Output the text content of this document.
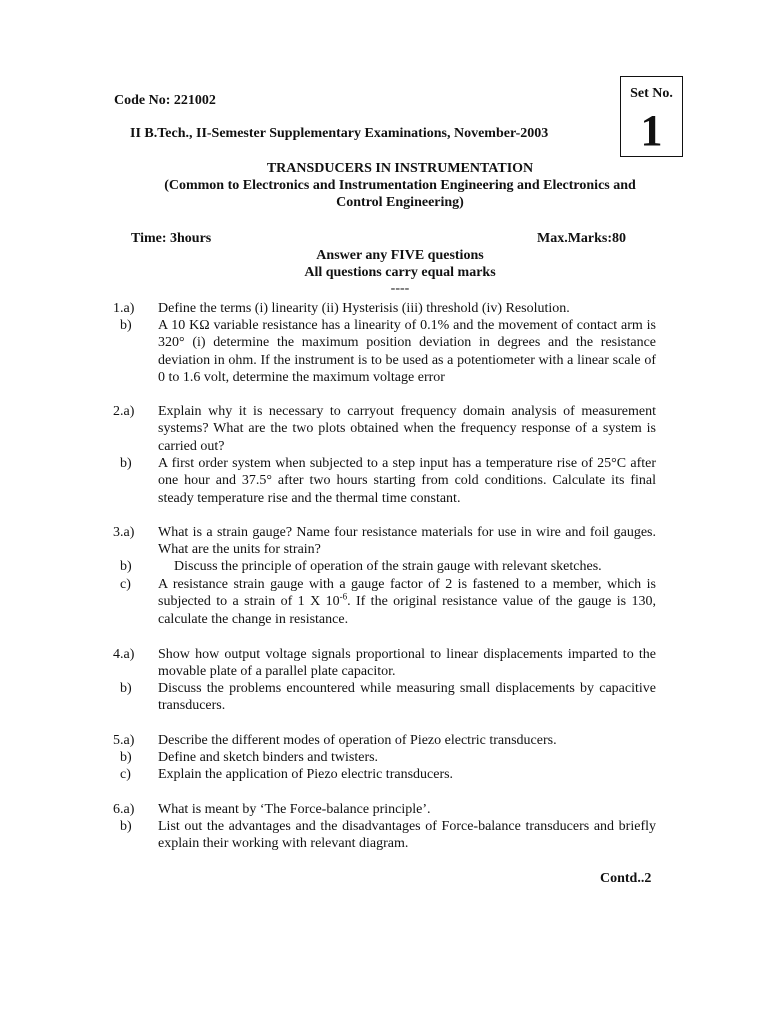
Code No: 221002	Set No.
1
II B.Tech., II-Semester Supplementary Examinations, November-2003
TRANSDUCERS IN INSTRUMENTATION
(Common to Electronics and Instrumentation Engineering and Electronics and
Control Engineering)
Time: 3hours	Max.Marks:80
Answer any FIVE questions
All questions carry equal marks
----
1.a) Define the terms (i) linearity (ii) Hysterisis (iii) threshold (iv) Resolution.
b) A 10 KΩ variable resistance has a linearity of 0.1% and the movement of contact arm is 320° (i) determine the maximum position deviation in degrees and the resistance deviation in ohm. If the instrument is to be used as a potentiometer with a linear scale of 0 to 1.6 volt, determine the maximum voltage error
2.a) Explain why it is necessary to carryout frequency domain analysis of measurement systems? What are the two plots obtained when the frequency response of a system is carried out?
b) A first order system when subjected to a step input has a temperature rise of 25°C after one hour and 37.5° after two hours starting from cold conditions. Calculate its final steady temperature rise and the thermal time constant.
3.a) What is a strain gauge? Name four resistance materials for use in wire and foil gauges. What are the units for strain?
b)	Discuss the principle of operation of the strain gauge with relevant sketches.
c) A resistance strain gauge with a gauge factor of 2 is fastened to a member, which is subjected to a strain of 1 X $10^{-6}$. If the original resistance value of the gauge is 130, calculate the change in resistance.
4.a) Show how output voltage signals proportional to linear displacements imparted to the movable plate of a parallel plate capacitor.
b) Discuss the problems encountered while measuring small displacements by capacitive transducers.
5.a) Describe the different modes of operation of Piezo electric transducers.
b) Define and sketch binders and twisters.
c) Explain the application of Piezo electric transducers.
6.a) What is meant by ‘The Force-balance principle’.
b) List out the advantages and the disadvantages of Force-balance transducers and briefly explain their working with relevant diagram.
Contd..2
